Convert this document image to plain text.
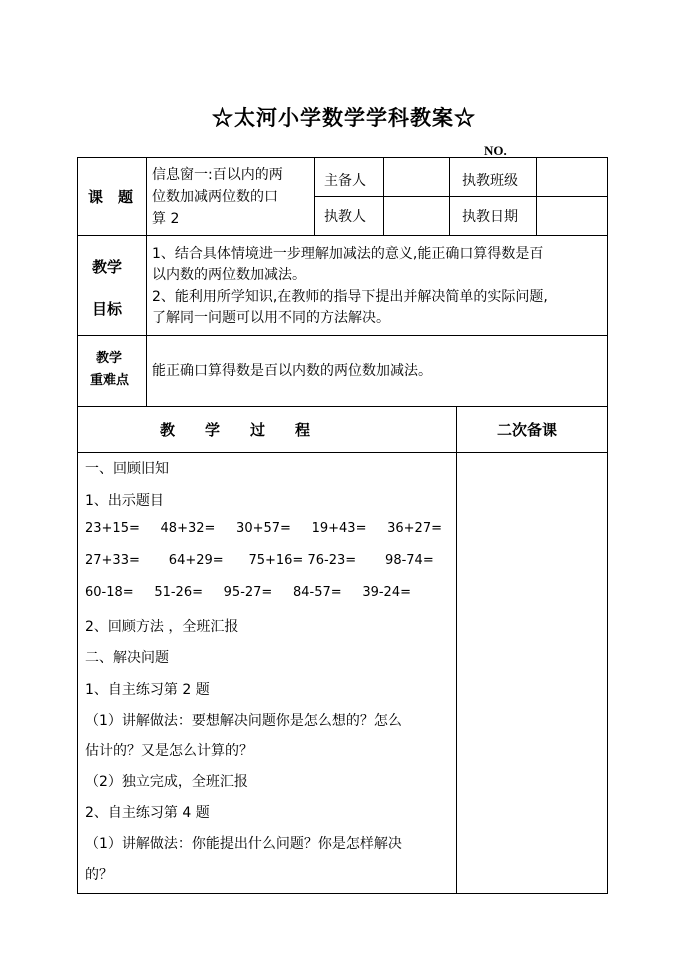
☆太河小学数学学科教案☆
NO.
课　题
信息窗一:百以内的两
位数加减两位数的口
算 2
主备人
执教人
执教班级
执教日期
教学
目标
1、结合具体情境进一步理解加减法的意义,能正确口算得数是百
以内数的两位数加减法。
2、能利用所学知识,在教师的指导下提出并解决简单的实际问题,
了解同一问题可以用不同的方法解决。
教学
重难点
能正确口算得数是百以内数的两位数加减法。
教　　学　　过　　程	二次备课
一、回顾旧知
1、出示题目
23+15=     48+32=     30+57=     19+43=     36+27=
27+33=       64+29=      75+16= 76-23=       98-74=
60-18=     51-26=     95-27=     84-57=     39-24=
2、回顾方法 ，全班汇报
二、解决问题
1、自主练习第 2 题
（1）讲解做法：要想解决问题你是怎么想的？怎么
估计的？又是怎么计算的？
（2）独立完成，全班汇报
2、自主练习第 4 题
（1）讲解做法：你能提出什么问题？你是怎样解决
的？
